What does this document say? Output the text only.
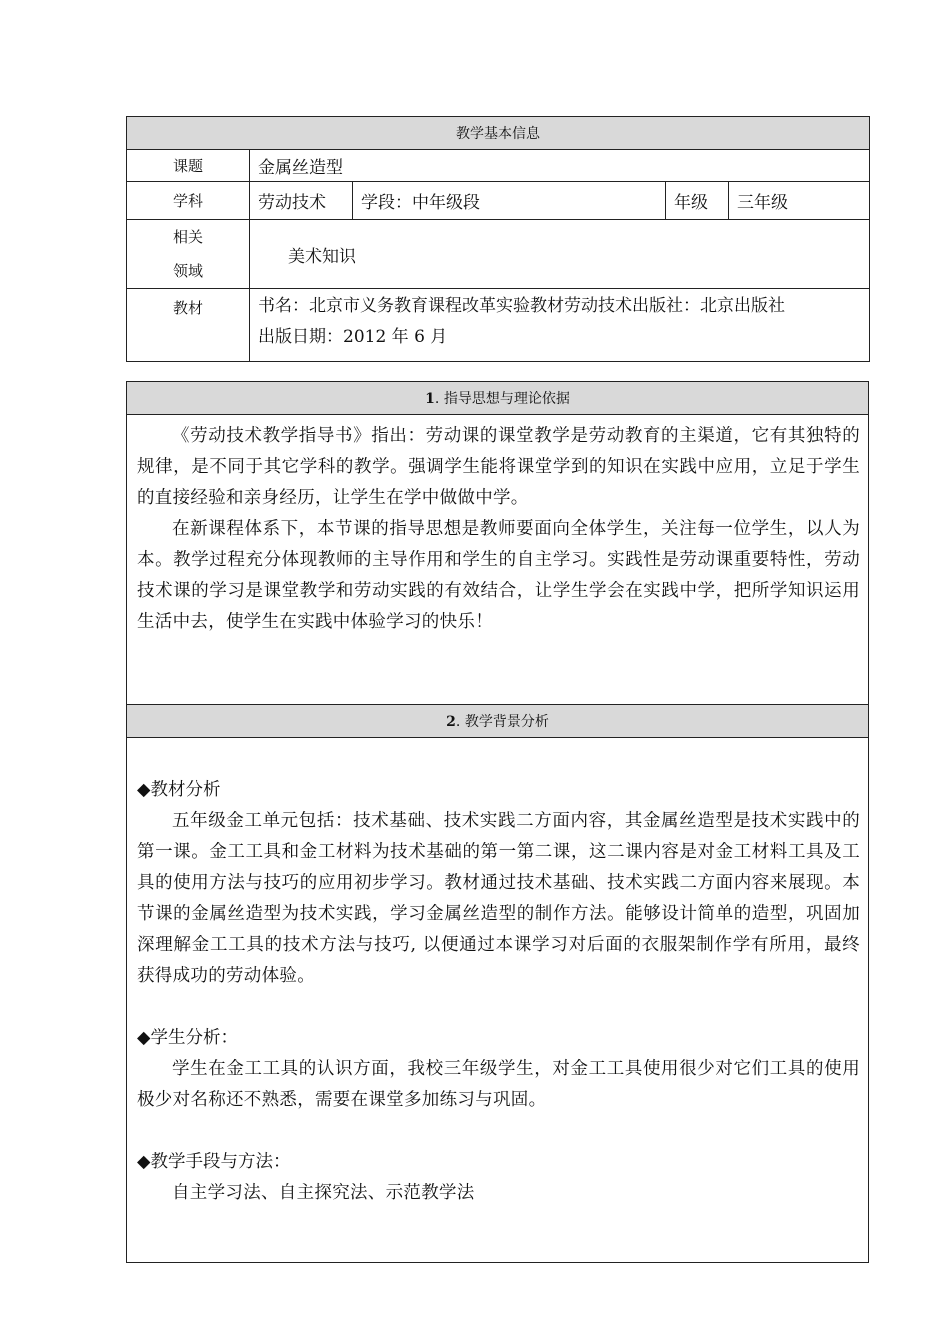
教学基本信息				
课题	金属丝造型			
学科	劳动技术	学段：中年级段	年级	三年级

相关
领域	美术知识			
教材	书名：北京市义务教育课程改革实验教材劳动技术出版社：北京出版社
出版日期：2012 年 6 月			
1. 指导思想与理论依据

《劳动技术教学指导书》指出：劳动课的课堂教学是劳动教育的主渠道，它有其独特的规律，是不同于其它学科的教学。强调学生能将课堂学到的知识在实践中应用，立足于学生的直接经验和亲身经历，让学生在学中做做中学。

在新课程体系下，本节课的指导思想是教师要面向全体学生，关注每一位学生，以人为本。教学过程充分体现教师的主导作用和学生的自主学习。实践性是劳动课重要特性，劳动技术课的学习是课堂教学和劳动实践的有效结合，让学生学会在实践中学，把所学知识运用生活中去，使学生在实践中体验学习的快乐！

2. 教学背景分析

◆教材分析

五年级金工单元包括：技术基础、技术实践二方面内容，其金属丝造型是技术实践中的第一课。金工工具和金工材料为技术基础的第一第二课，这二课内容是对金工材料工具及工具的使用方法与技巧的应用初步学习。教材通过技术基础、技术实践二方面内容来展现。本节课的金属丝造型为技术实践，学习金属丝造型的制作方法。能够设计简单的造型，巩固加深理解金工工具的技术方法与技巧, 以便通过本课学习对后面的衣服架制作学有所用，最终获得成功的劳动体验。

◆学生分析：

学生在金工工具的认识方面，我校三年级学生，对金工工具使用很少对它们工具的使用极少对名称还不熟悉，需要在课堂多加练习与巩固。

◆教学手段与方法：

自主学习法、自主探究法、示范教学法
